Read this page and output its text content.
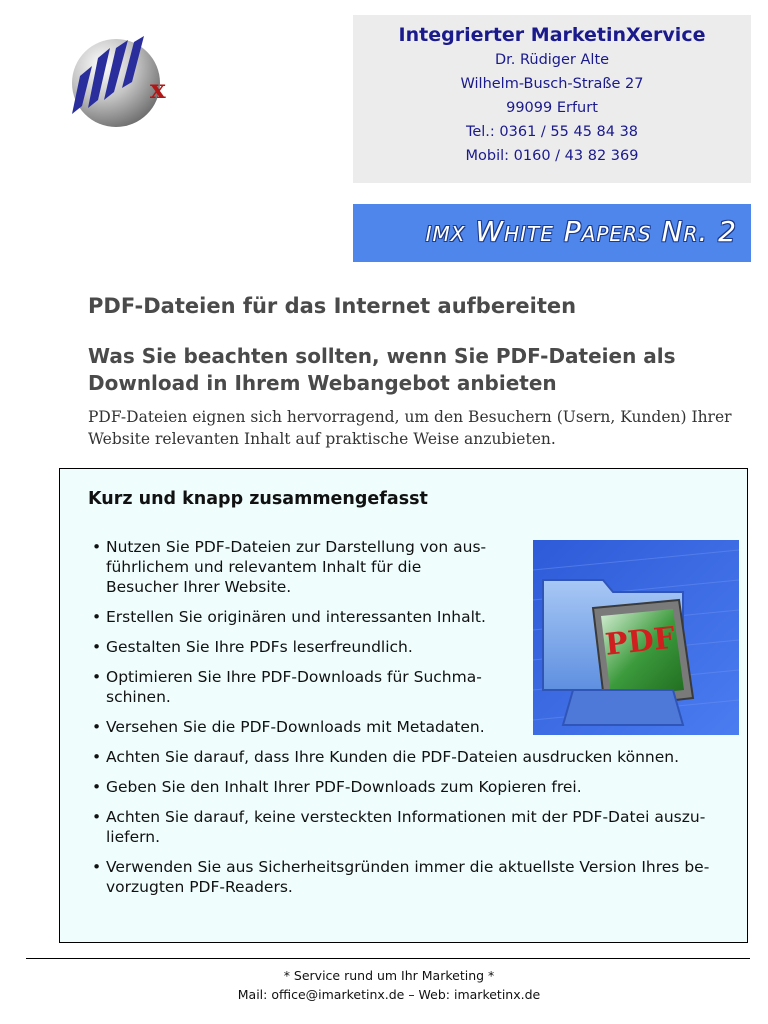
x
Integrierter MarketinXervice
Dr. Rüdiger Alte
Wilhelm-Busch-Straße 27
99099 Erfurt
Tel.: 0361 / 55 45 84 38
Mobil: 0160 / 43 82 369
imx White Papers Nr. 2
PDF-Dateien für das Internet aufbereiten
Was Sie beachten sollten, wenn Sie PDF-Dateien als Download in Ihrem Webangebot anbieten
PDF-Dateien eignen sich hervorragend, um den Besuchern (Usern, Kunden) Ihrer Website relevanten Inhalt auf praktische Weise anzubieten.
Kurz und knapp zusammengefasst
PDF
• Nutzen Sie PDF-Dateien zur Darstellung von aus-führlichem und relevantem Inhalt für die Besucher Ihrer Website.
• Erstellen Sie originären und interessanten Inhalt.
• Gestalten Sie Ihre PDFs leserfreundlich.
• Optimieren Sie Ihre PDF-Downloads für Suchma-schinen.
• Versehen Sie die PDF-Downloads mit Metadaten.
• Achten Sie darauf, dass Ihre Kunden die PDF-Dateien ausdrucken können.
• Geben Sie den Inhalt Ihrer PDF-Downloads zum Kopieren frei.
• Achten Sie darauf, keine versteckten Informationen mit der PDF-Datei auszu-liefern.
• Verwenden Sie aus Sicherheitsgründen immer die aktuellste Version Ihres be-vorzugten PDF-Readers.
* Service rund um Ihr Marketing *
Mail: office@imarketinx.de – Web: imarketinx.de
